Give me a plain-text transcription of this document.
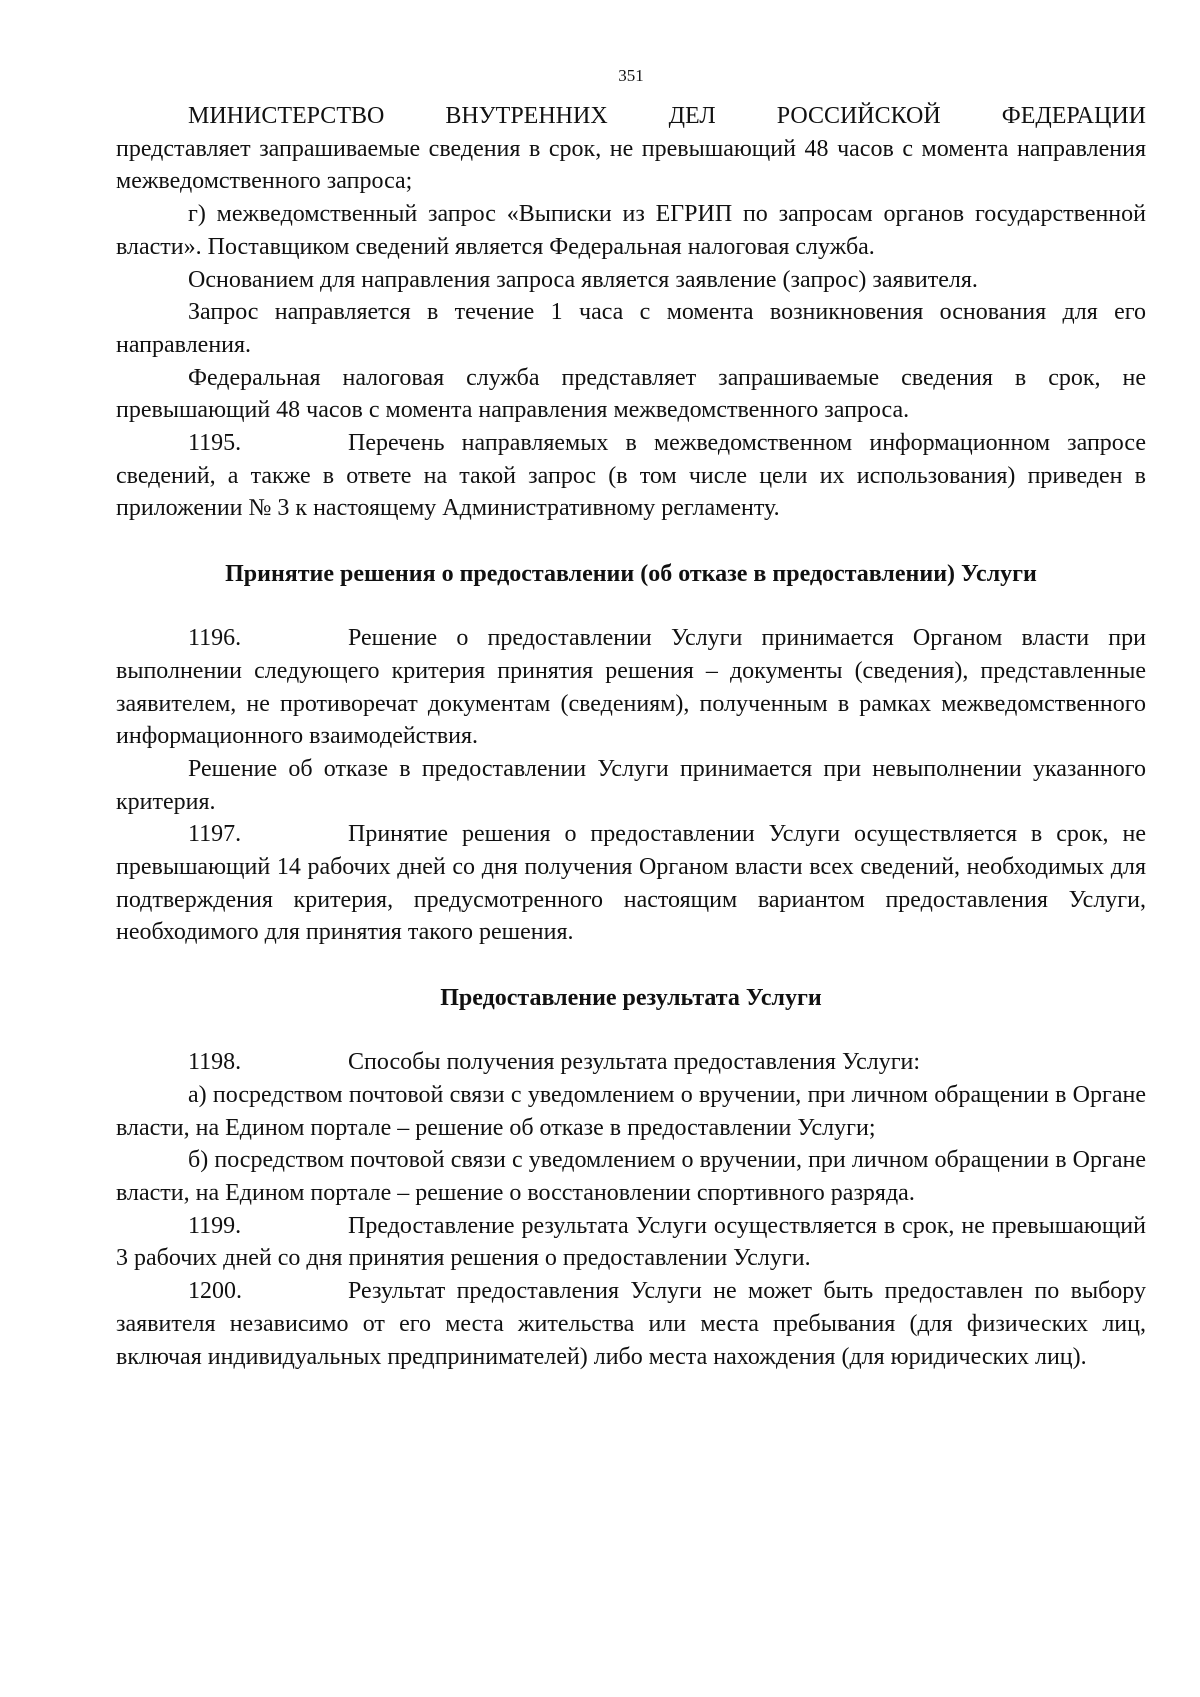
351

МИНИСТЕРСТВО ВНУТРЕННИХ ДЕЛ РОССИЙСКОЙ ФЕДЕРАЦИИ

представляет запрашиваемые сведения в срок, не превышающий 48 часов с момента направления межведомственного запроса;

г) межведомственный запрос «Выписки из ЕГРИП по запросам органов государственной власти». Поставщиком сведений является Федеральная налоговая служба.

Основанием для направления запроса является заявление (запрос) заявителя.

Запрос направляется в течение 1 часа с момента возникновения основания для его направления.

Федеральная налоговая служба представляет запрашиваемые сведения в срок, не превышающий 48 часов с момента направления межведомственного запроса.

1195.	Перечень направляемых в межведомственном информационном запросе сведений, а также в ответе на такой запрос (в том числе цели их использования) приведен в приложении № 3 к настоящему Административному регламенту.

Принятие решения о предоставлении (об отказе в предоставлении) Услуги

1196.	Решение о предоставлении Услуги принимается Органом власти при выполнении следующего критерия принятия решения – документы (сведения), представленные заявителем, не противоречат документам (сведениям), полученным в рамках межведомственного информационного взаимодействия.

Решение об отказе в предоставлении Услуги принимается при невыполнении указанного критерия.

1197.	Принятие решения о предоставлении Услуги осуществляется в срок, не превышающий 14 рабочих дней со дня получения Органом власти всех сведений, необходимых для подтверждения критерия, предусмотренного настоящим вариантом предоставления Услуги, необходимого для принятия такого решения.

Предоставление результата Услуги

1198.	Способы получения результата предоставления Услуги:

а) посредством почтовой связи с уведомлением о вручении, при личном обращении в Органе власти, на Едином портале – решение об отказе в предоставлении Услуги;

б) посредством почтовой связи с уведомлением о вручении, при личном обращении в Органе власти, на Едином портале – решение о восстановлении спортивного разряда.

1199.	Предоставление результата Услуги осуществляется в срок, не превышающий 3 рабочих дней со дня принятия решения о предоставлении Услуги.

1200.	Результат предоставления Услуги не может быть предоставлен по выбору заявителя независимо от его места жительства или места пребывания (для физических лиц, включая индивидуальных предпринимателей) либо места нахождения (для юридических лиц).
